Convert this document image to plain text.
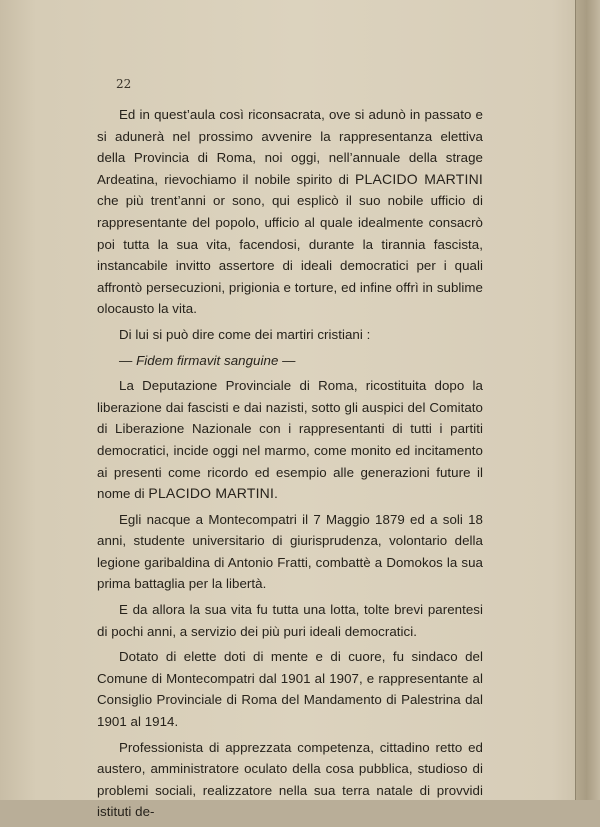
22

Ed in quest’aula così riconsacrata, ove si adunò in passato e si adunerà nel prossimo avvenire la rappresentanza elettiva della Provincia di Roma, noi oggi, nell’annuale della strage Ardeatina, rievochiamo il nobile spirito di PLACIDO MARTINI che più trent’anni or sono, qui esplicò il suo nobile ufficio di rappresentante del popolo, ufficio al quale idealmente consacrò poi tutta la sua vita, facendosi, durante la tirannia fascista, instancabile invitto assertore di ideali democratici per i quali affrontò persecuzioni, prigionia e torture, ed infine offrì in sublime olocausto la vita.

Di lui si può dire come dei martiri cristiani :

— Fidem firmavit sanguine —

La Deputazione Provinciale di Roma, ricostituita dopo la liberazione dai fascisti e dai nazisti, sotto gli auspici del Comitato di Liberazione Nazionale con i rappresentanti di tutti i partiti democratici, incide oggi nel marmo, come monito ed incitamento ai presenti come ricordo ed esempio alle generazioni future il nome di PLACIDO MARTINI.

Egli nacque a Montecompatri il 7 Maggio 1879 ed a soli 18 anni, studente universitario di giurisprudenza, volontario della legione garibaldina di Antonio Fratti, combattè a Domokos la sua prima battaglia per la libertà.

E da allora la sua vita fu tutta una lotta, tolte brevi parentesi di pochi anni, a servizio dei più puri ideali democratici.

Dotato di elette doti di mente e di cuore, fu sindaco del Comune di Montecompatri dal 1901 al 1907, e rappresentante al Consiglio Provinciale di Roma del Mandamento di Palestrina dal 1901 al 1914.

Professionista di apprezzata competenza, cittadino retto ed austero, amministratore oculato della cosa pubblica, studioso di problemi sociali, realizzatore nella sua terra natale di provvidi istituti de-
